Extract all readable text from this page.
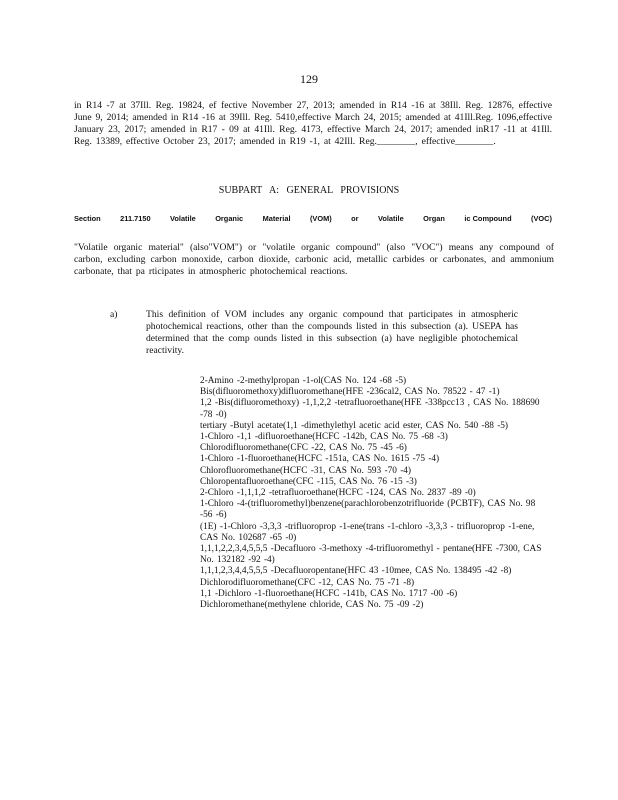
129

in R14 -7 at 37Ill. Reg. 19824, ef fective November 27, 2013; amended in R14 -16 at 38Ill. Reg. 12876, effective June 9, 2014; amended in R14 -16 at 39Ill. Reg. 5410,effective March 24, 2015; amended at 41Ill.Reg. 1096,effective January 23, 2017; amended in R17 - 09 at 41Ill. Reg. 4173, effective March 24, 2017; amended inR17 -11 at 41Ill. Reg. 13389, effective October 23, 2017; amended in R19 -1, at 42Ill. Reg.________, effective________.

SUBPART A: GENERAL PROVISIONS
Section	211.7150	Volatile	Organic	Material	(VOM)	or	Volatile	Organ	ic Compound	(VOC)

"Volatile organic material" (also"VOM") or "volatile organic compound" (also "VOC") means any compound of carbon, excluding carbon monoxide, carbon dioxide, carbonic acid, metallic carbides or carbonates, and ammonium carbonate, that pa rticipates in atmospheric photochemical reactions.

a)	This definition of VOM includes any organic compound that participates in atmospheric photochemical reactions, other than the compounds listed in this subsection (a). USEPA has determined that the comp ounds listed in this subsection (a) have negligible photochemical reactivity.

2-Amino -2-methylpropan -1-ol(CAS No. 124 -68 -5)
Bis(difluoromethoxy)difluoromethane(HFE -236cal2, CAS No. 78522 - 47 -1)
1,2 -Bis(difluoromethoxy) -1,1,2,2 -tetrafluoroethane(HFE -338pcc13 , CAS No. 188690 -78 -0)
tertiary -Butyl acetate(1,1 -dimethylethyl acetic acid ester, CAS No. 540 -88 -5)
1-Chloro -1,1 -difluoroethane(HCFC -142b, CAS No. 75 -68 -3)
Chlorodifluoromethane(CFC -22, CAS No. 75 -45 -6)
1-Chloro -1-fluoroethane(HCFC -151a, CAS No. 1615 -75 -4)
Chlorofluoromethane(HCFC -31, CAS No. 593 -70 -4)
Chloropentafluoroethane(CFC -115, CAS No. 76 -15 -3)
2-Chloro -1,1,1,2 -tetrafluoroethane(HCFC -124, CAS No. 2837 -89 -0)
1-Chloro -4-(trifluoromethyl)benzene(parachlorobenzotrifluoride (PCBTF), CAS No. 98 -56 -6)
(1E) -1-Chloro -3,3,3 -trifluoroprop -1-ene(trans -1-chloro -3,3,3 - trifluoroprop -1-ene, CAS No. 102687 -65 -0)
1,1,1,2,2,3,4,5,5,5 -Decafluoro -3-methoxy -4-trifluoromethyl - pentane(HFE -7300, CAS No. 132182 -92 -4)
1,1,1,2,3,4,4,5,5,5 -Decafluoropentane(HFC 43 -10mee, CAS No. 138495 -42 -8)
Dichlorodifluoromethane(CFC -12, CAS No. 75 -71 -8)
1,1 -Dichloro -1-fluoroethane(HCFC -141b, CAS No. 1717 -00 -6)
Dichloromethane(methylene chloride, CAS No. 75 -09 -2)
